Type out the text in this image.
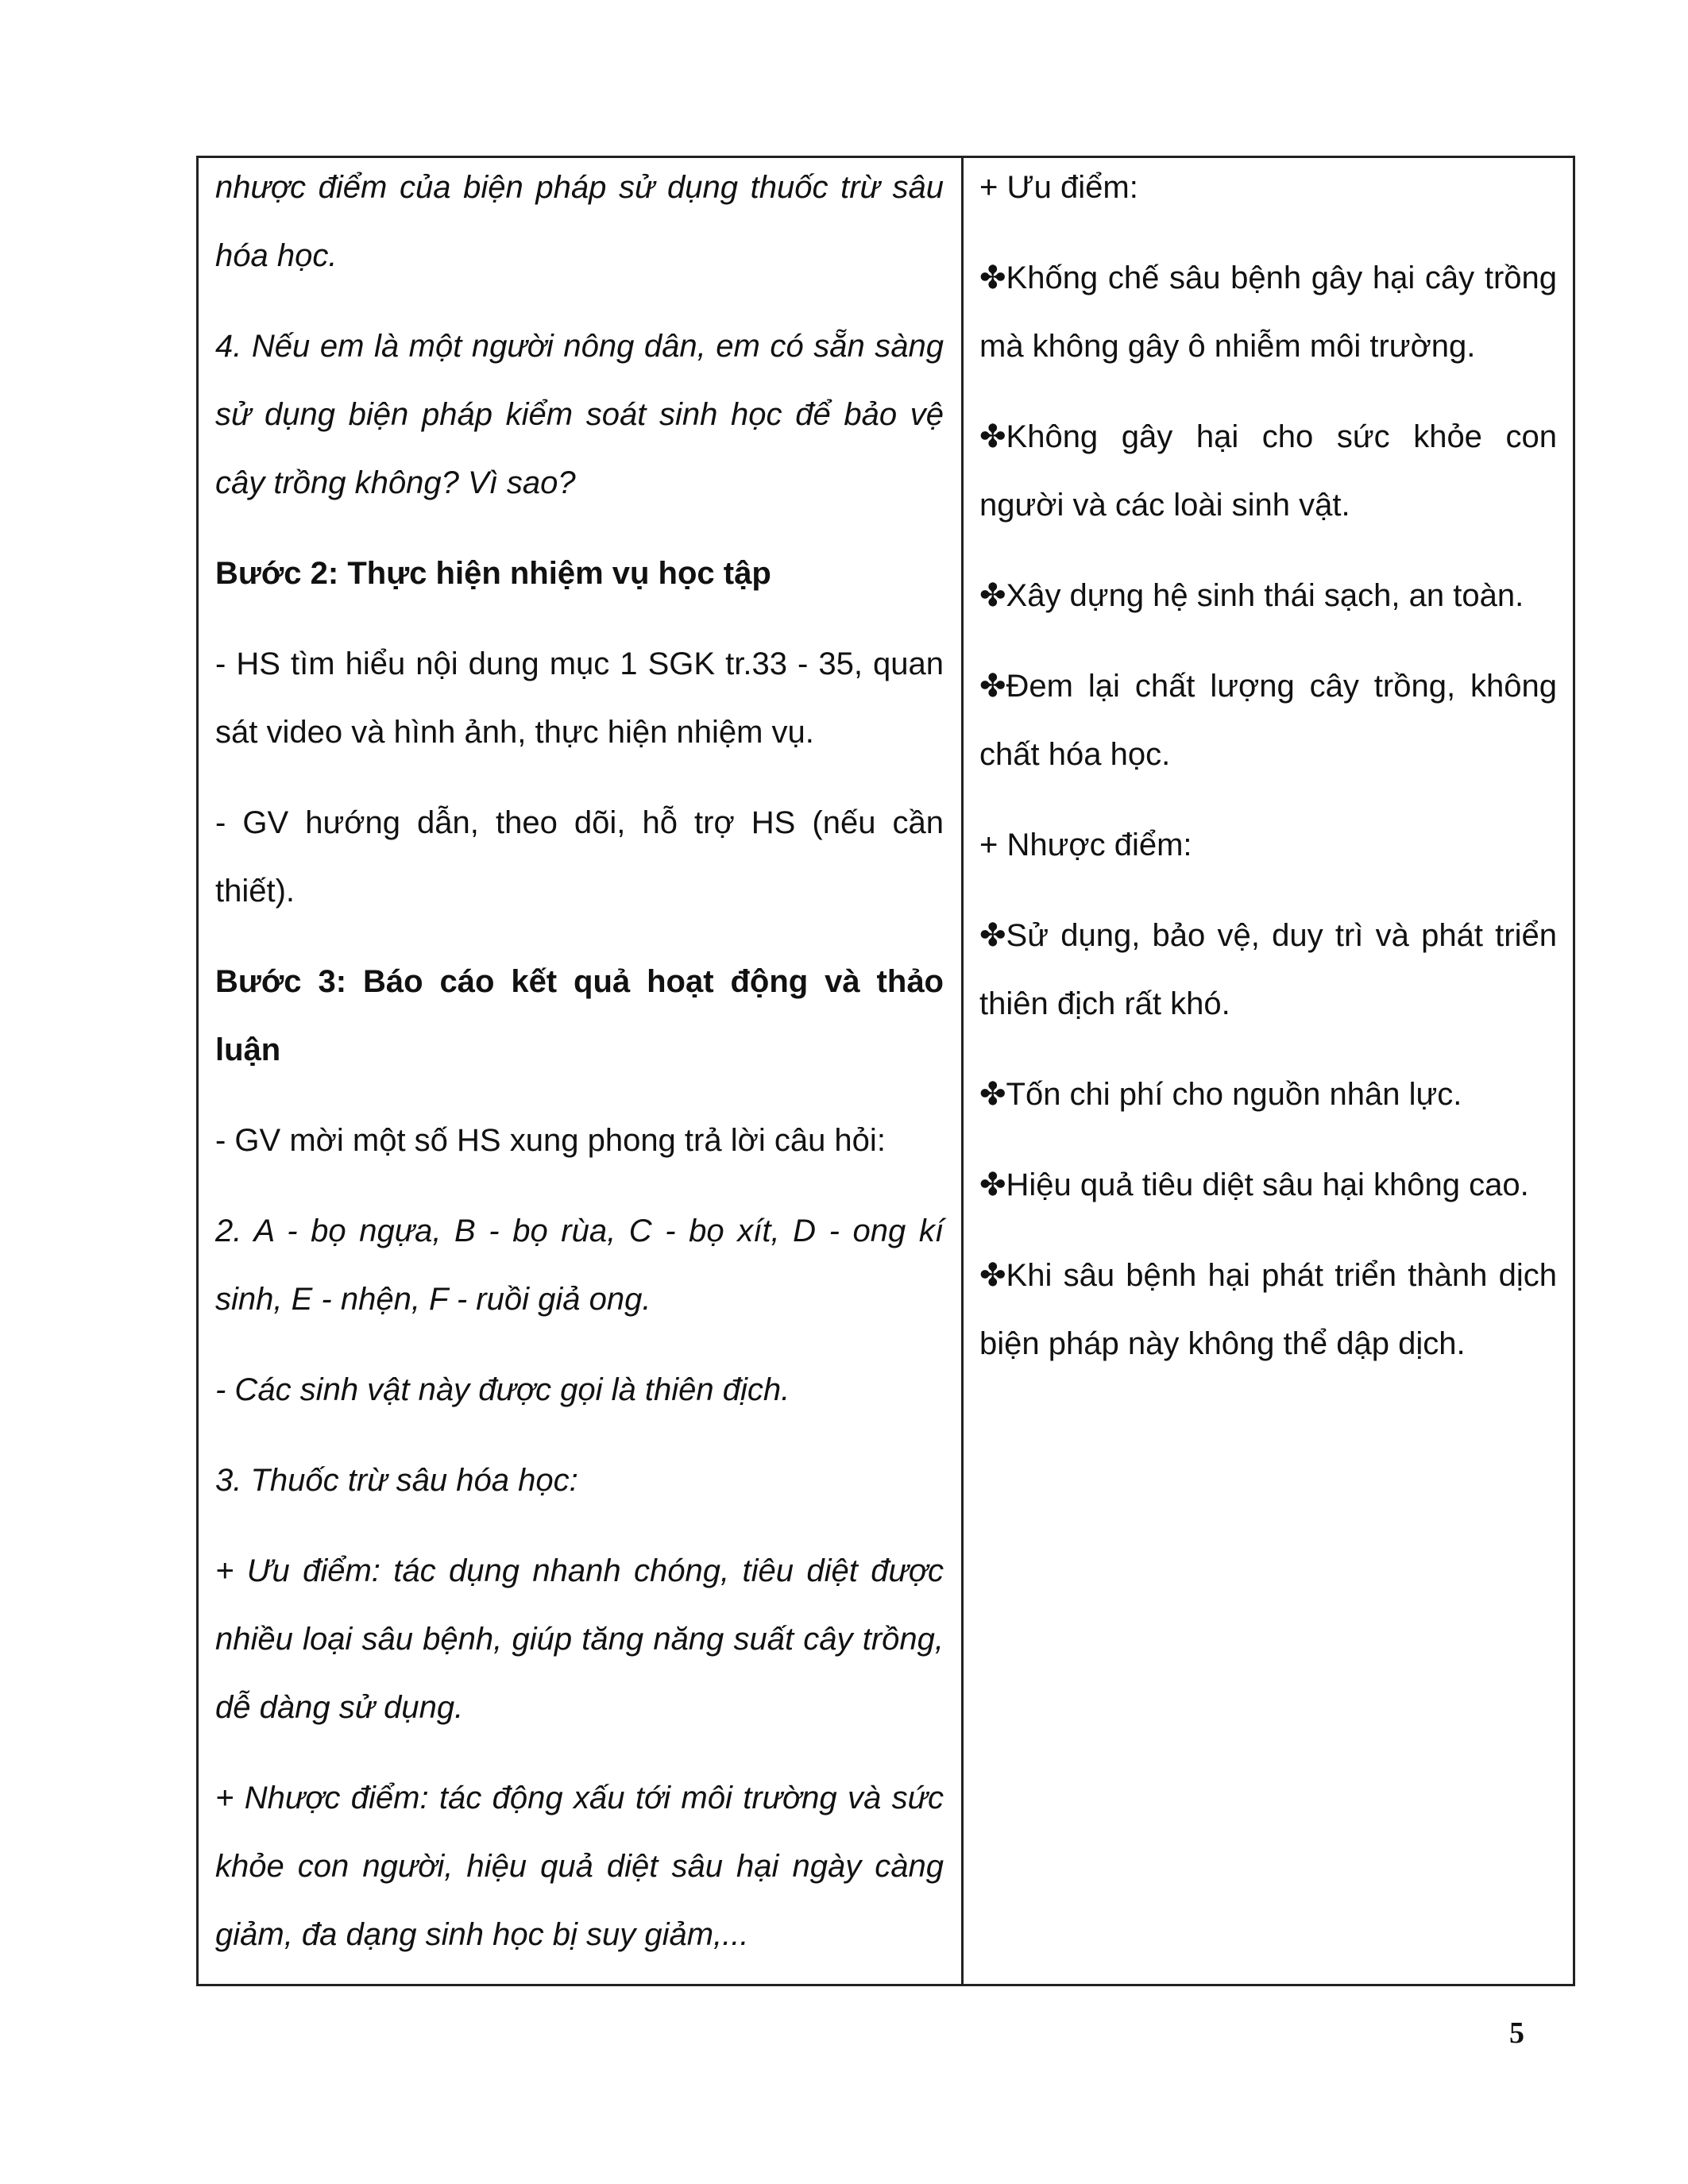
nhược điểm của biện pháp sử dụng thuốc trừ sâu hóa học.

4. Nếu em là một người nông dân, em có sẵn sàng sử dụng biện pháp kiểm soát sinh học để bảo vệ cây trồng không? Vì sao?

Bước 2: Thực hiện nhiệm vụ học tập

- HS tìm hiểu nội dung mục 1 SGK tr.33 - 35, quan sát video và hình ảnh, thực hiện nhiệm vụ.

- GV hướng dẫn, theo dõi, hỗ trợ HS (nếu cần thiết).

Bước 3: Báo cáo kết quả hoạt động và thảo luận

- GV mời một số HS xung phong trả lời câu hỏi:

2. A - bọ ngựa, B - bọ rùa, C - bọ xít, D - ong kí sinh, E - nhện, F - ruồi giả ong.

- Các sinh vật này được gọi là thiên địch.

3. Thuốc trừ sâu hóa học:

+ Ưu điểm: tác dụng nhanh chóng, tiêu diệt được nhiều loại sâu bệnh, giúp tăng năng suất cây trồng, dễ dàng sử dụng.

+ Nhược điểm: tác động xấu tới môi trường và sức khỏe con người, hiệu quả diệt sâu hại ngày càng giảm, đa dạng sinh học bị suy giảm,...

+ Ưu điểm:

✤ Khống chế sâu bệnh gây hại cây trồng mà không gây ô nhiễm môi trường.

✤ Không gây hại cho sức khỏe con người và các loài sinh vật.

✤ Xây dựng hệ sinh thái sạch, an toàn.

✤ Đem lại chất lượng cây trồng, không chất hóa học.

+ Nhược điểm:

✤ Sử dụng, bảo vệ, duy trì và phát triển thiên địch rất khó.

✤ Tốn chi phí cho nguồn nhân lực.

✤ Hiệu quả tiêu diệt sâu hại không cao.

✤ Khi sâu bệnh hại phát triển thành dịch biện pháp này không thể dập dịch.

5
